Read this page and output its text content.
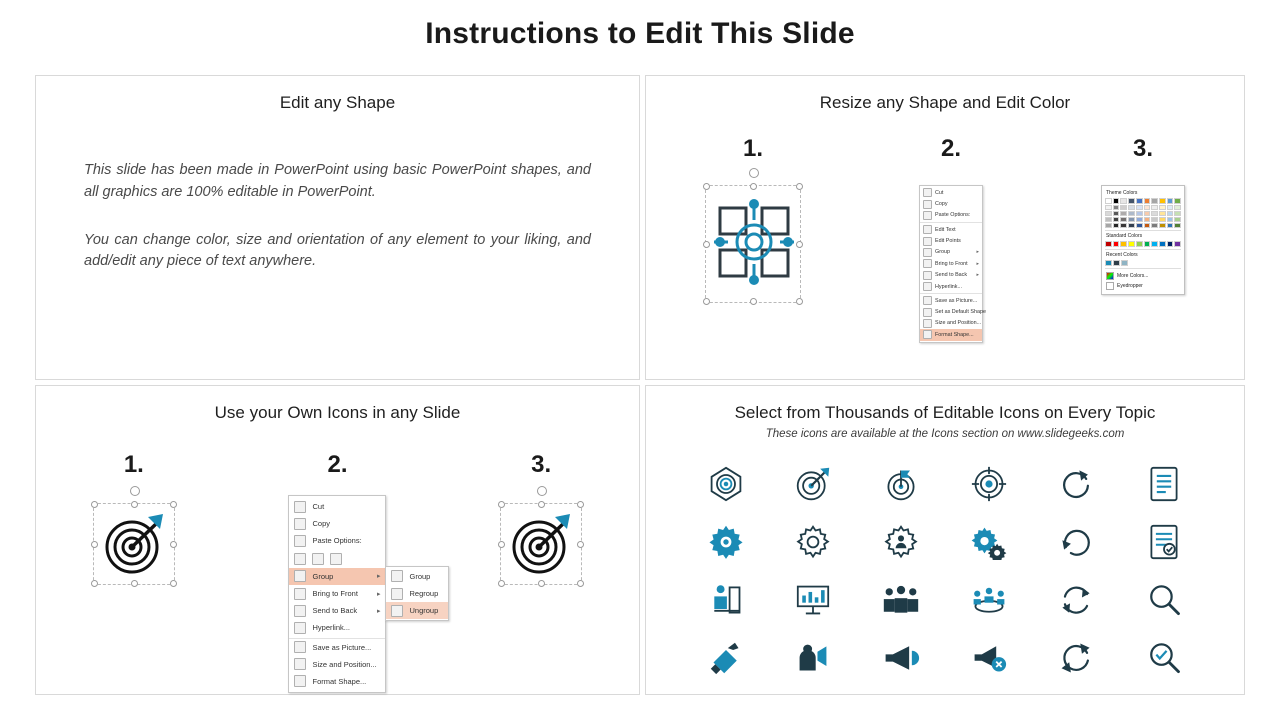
Instructions to Edit This Slide
Edit any Shape
This slide has been made in PowerPoint using basic PowerPoint shapes, and all graphics are 100% editable in PowerPoint.
You can change color, size and orientation of any element to your liking, and add/edit any piece of text anywhere.
Resize any Shape and Edit Color
1.	2.
Cut
Copy
Paste Options:
Edit Text
Edit Points
Group	▸
Bring to Front ▸
Send to Back ▸
Hyperlink...
Save as Picture...
Set as Default Shape
Size and Position...
Format Shape...
3.
Theme Colors
Standard Colors
Recent Colors
More Colors...
Eyedropper
Use your Own Icons in any Slide
1.	2.
Cut
Copy
Paste Options:
Group	▸	Group
Regroup
Ungroup
Bring to Front	▸
Send to Back	▸
Hyperlink...
Save as Picture...
Size and Position...
Format Shape...
3.
Select from Thousands of Editable Icons on Every Topic
These icons are available at the Icons section on www.slidegeeks.com
